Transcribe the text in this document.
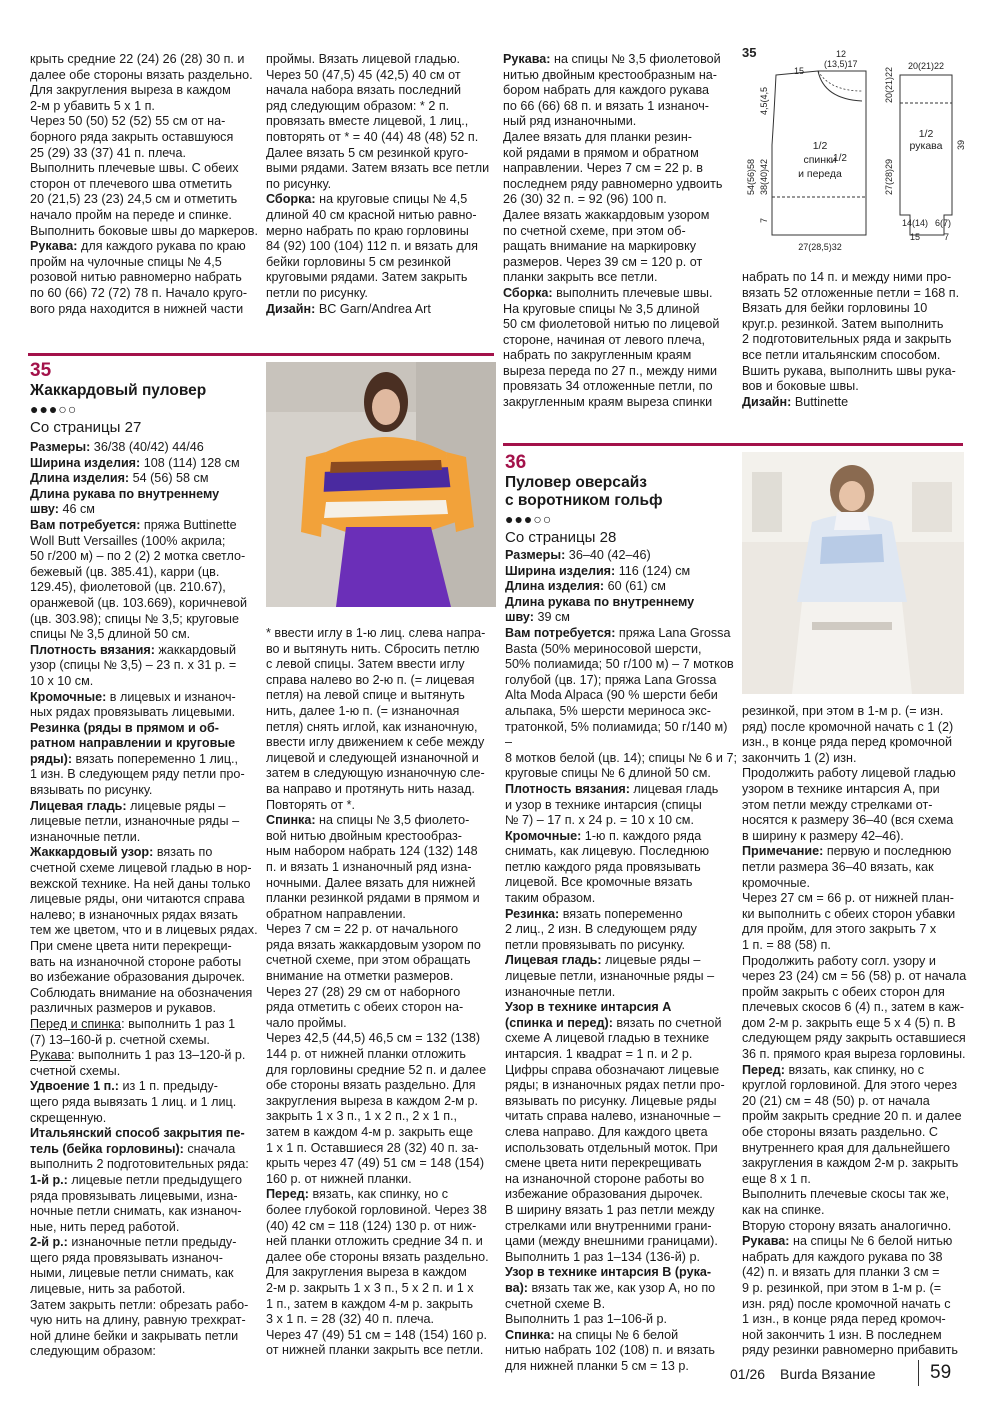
крыть средние 22 (24) 26 (28) 30 п. и

далее обе стороны вязать раздельно.

Для закругления выреза в каждом

2-м р убавить 5 х 1 п.

Через 50 (50) 52 (52) 55 см от на-

борного ряда закрыть оставшуюся

25 (29) 33 (37) 41 п. плеча.

Выполнить плечевые швы. С обеих

сторон от плечевого шва отметить

20 (21,5) 23 (23) 24,5 см и отметить

начало пройм на переде и спинке.

Выполнить боковые швы до маркеров.

Рукава: для каждого рукава по краю

пройм на чулочные спицы № 4,5

розовой нитью равномерно набрать

по 60 (66) 72 (72) 78 п. Начало круго-

вого ряда находится в нижней части

проймы. Вязать лицевой гладью.

Через 50 (47,5) 45 (42,5) 40 см от

начала набора вязать последний

ряд следующим образом: * 2 п.

провязать вместе лицевой, 1 лиц.,

повторять от * = 40 (44) 48 (48) 52 п.

Далее вязать 5 см резинкой кругo-

выми рядами. Затем вязать все петли

по рисунку.

Сборка: на круговые спицы № 4,5

длиной 40 см красной нитью равно-

мерно набрать по краю горловины

84 (92) 100 (104) 112 п. и вязать для

бейки горловины 5 см резинкой

круговыми рядами. Затем закрыть

петли по рисунку.

Дизайн: BC Garn/Andrea Art

Рукава: на спицы № 3,5 фиолетовой

нитью двойным крестообразным на-

бором набрать для каждого рукава

по 66 (66) 68 п. и вязать 1 изнаноч-

ный ряд изнаночными.

Далее вязать для планки резин-

кой рядами в прямом и обратном

направлении. Через 7 см = 22 р. в

последнем ряду равномерно удвоить

26 (30) 32 п. = 92 (96) 100 п.

Далее вязать жаккардовым узором

по счетной схеме, при этом об-

ращать внимание на маркировку

размеров. Через 39 см = 120 р. от

планки закрыть все петли.

Сборка: выполнить плечевые швы.

На круговые спицы № 3,5 длиной

50 см фиолетовой нитью по лицевой

стороне, начиная от левого плеча,

набрать по закругленным краям

выреза переда по 27 п., между ними

провязать 34 отложенные петли, по

закругленным краям выреза спинки

35	12
(13,5)17
15
1/2
1/2
спинки
и переда
27(28,5)32
54(56)58 38(40)42
4,5(4,5
7
20(21)22
1/2
рукава 39
20(21)22
27(28)29
14(14) 6(7)
15	7

набрать по 14 п. и между ними про-

вязать 52 отложенные петли = 168 п.

Вязать для бейки горловины 10

круг.р. резинкой. Затем выполнить

2 подготовительных ряда и закрыть

все петли итальянским способом.

Вшить рукава, выполнить швы рука-

вов и боковые швы.

Дизайн: Buttinette

35
Жаккардовый пуловер
●●●○○
Со страницы 27

Размеры: 36/38 (40/42) 44/46

Ширина изделия: 108 (114) 128 см

Длина изделия: 54 (56) 58 см

Длина рукава по внутреннему

шву: 46 см

Вам потребуется: пряжа Buttinette

Woll Butt Versailles (100% акрила;

50 г/200 м) – по 2 (2) 2 мотка светло-

бежевый (цв. 385.41), карри (цв.

129.45), фиолетовой (цв. 210.67),

оранжевой (цв. 103.669), коричневой

(цв. 303.98); спицы № 3,5; круговые

спицы № 3,5 длиной 50 см.

Плотность вязания: жаккардовый

узор (спицы № 3,5) – 23 п. х 31 р. =

10 х 10 см.

Кромочные: в лицевых и изнаноч-

ных рядах провязывать лицевыми.

Резинка (ряды в прямом и об-

ратном направлении и круговые

ряды): вязать попеременно 1 лиц.,

1 изн. В следующем ряду петли про-

вязывать по рисунку.

Лицевая гладь: лицевые ряды –

лицевые петли, изнаночные ряды –

изнаночные петли.

Жаккардовый узор: вязать по

счетной схеме лицевой гладью в нор-

вежской технике. На ней даны только

лицевые ряды, они читаются справа

налево; в изнаночных рядах вязать

тем же цветом, что и в лицевых рядах.

При смене цвета нити перекрещи-

вать на изнаночной стороне работы

во избежание образования дырочек.

Соблюдать внимание на обозначения

различных размеров и рукавов.

Перед и спинка: выполнить 1 раз 1

(7) 13–160-й р. счетной схемы.

Рукава: выполнить 1 раз 13–120-й р.

счетной схемы.

Удвоение 1 п.: из 1 п. предыду-

щего ряда вывязать 1 лиц. и 1 лиц.

скрещенную.

Итальянский способ закрытия пе-

тель (бейка горловины): сначала

выполнить 2 подготовительных ряда:

1-й р.: лицевые петли предыдущего

ряда провязывать лицевыми, изна-

ночные петли снимать, как изнаноч-

ные, нить перед работой.

2-й р.: изнаночные петли предыду-

щего ряда провязывать изнаноч-

ными, лицевые петли снимать, как

лицевые, нить за работой.

Затем закрыть петли: обрезать рабо-

чую нить на длину, равную трехкрат-

ной длине бейки и закрывать петли

следующим образом:

* ввести иглу в 1-ю лиц. слева напра-

во и вытянуть нить. Сбросить петлю

с левой спицы. Затем ввести иглу

справа налево во 2-ю п. (= лицевая

петля) на левой спице и вытянуть

нить, далее 1-ю п. (= изнаночная

петля) снять иглой, как изнаночную,

ввести иглу движением к себе между

лицевой и следующей изнаночной и

затем в следующую изнаночную сле-

ва направо и протянуть нить назад.

Повторять от *.

Спинка: на спицы № 3,5 фиолето-

вой нитью двойным крестообраз-

ным набором набрать 124 (132) 148

п. и вязать 1 изнаночный ряд изна-

ночными. Далее вязать для нижней

планки резинкой рядами в прямом и

обратном направлении.

Через 7 см = 22 р. от начального

ряда вязать жаккардовым узором по

счетной схеме, при этом обращать

внимание на отметки размеров.

Через 27 (28) 29 см от наборного

ряда отметить с обеих сторон на-

чало проймы.

Через 42,5 (44,5) 46,5 см = 132 (138)

144 р. от нижней планки отложить

для горловины средние 52 п. и далее

обе стороны вязать раздельно. Для

закругления выреза в каждом 2-м р.

закрыть 1 х 3 п., 1 х 2 п., 2 х 1 п.,

затем в каждом 4-м р. закрыть еще

1 х 1 п. Оставшиеся 28 (32) 40 п. за-

крыть через 47 (49) 51 см = 148 (154)

160 р. от нижней планки.

Перед: вязать, как спинку, но с

более глубокой горловиной. Через 38

(40) 42 см = 118 (124) 130 р. от ниж-

ней планки отложить средние 34 п. и

далее обе стороны вязать раздельно.

Для закругления выреза в каждом

2-м р. закрыть 1 х 3 п., 5 х 2 п. и 1 х

1 п., затем в каждом 4-м р. закрыть

3 х 1 п. = 28 (32) 40 п. плеча.

Через 47 (49) 51 см = 148 (154) 160 р.

от нижней планки закрыть все петли.

36
Пуловер оверсайз
с воротником гольф
●●●○○
Со страницы 28

Размеры: 36–40 (42–46)

Ширина изделия: 116 (124) см

Длина изделия: 60 (61) см

Длина рукава по внутреннему

шву: 39 см

Вам потребуется: пряжа Lana Grossa

Basta (50% мериносовой шерсти,

50% полиамида; 50 г/100 м) – 7 мотков

голубой (цв. 17); пряжа Lana Grossa

Alta Moda Alpaca (90 % шерсти беби

альпака, 5% шерсти мериноса экс-

тратонкой, 5% полиамида; 50 г/140 м) –

8 мотков белой (цв. 14); спицы № 6 и 7;

круговые спицы № 6 длиной 50 см.

Плотность вязания: лицевая гладь

и узор в технике интарсия (спицы

№ 7) – 17 п. х 24 р. = 10 х 10 см.

Кромочные: 1-ю п. каждого ряда

снимать, как лицевую. Последнюю

петлю каждого ряда провязывать

лицевой. Все кромочные вязать

таким образом.

Резинка: вязать попеременно

2 лиц., 2 изн. В следующем ряду

петли провязывать по рисунку.

Лицевая гладь: лицевые ряды –

лицевые петли, изнаночные ряды –

изнаночные петли.

Узор в технике интарсия А

(спинка и перед): вязать по счетной

схеме А лицевой гладью в технике

интарсия. 1 квадрат = 1 п. и 2 р.

Цифры справа обозначают лицевые

ряды; в изнаночных рядах петли про-

вязывать по рисунку. Лицевые ряды

читать справа налево, изнаночные –

слева направо. Для каждого цвета

использовать отдельный моток. При

смене цвета нити перекрещивать

на изнаночной стороне работы во

избежание образования дырочек.

В ширину вязать 1 раз петли между

стрелками или внутренними грани-

цами (между внешними границами).

Выполнить 1 раз 1–134 (136-й) р.

Узор в технике интарсия В (рука-

ва): вязать так же, как узор А, но по

счетной схеме В.

Выполнить 1 раз 1–106-й р.

Спинка: на спицы № 6 белой

нитью набрать 102 (108) п. и вязать

для нижней планки 5 см = 13 р.

резинкой, при этом в 1-м р. (= изн.

ряд) после кромочной начать с 1 (2)

изн., в конце ряда перед кромочной

закончить 1 (2) изн.

Продолжить работу лицевой гладью

узором в технике интарсия А, при

этом петли между стрелками от-

носятся к размеру 36–40 (вся схема

в ширину к размеру 42–46).

Примечание: первую и последнюю

петли размера 36–40 вязать, как

кромочные.

Через 27 см = 66 р. от нижней план-

ки выполнить с обеих сторон убавки

для пройм, для этого закрыть 7 х

1 п. = 88 (58) п.

Продолжить работу согл. узору и

через 23 (24) см = 56 (58) р. от начала

пройм закрыть с обеих сторон для

плечевых скосов 6 (4) п., затем в каж-

дом 2-м р. закрыть еще 5 х 4 (5) п. В

следующем ряду закрыть оставшиеся

36 п. прямого края выреза горловины.

Перед: вязать, как спинку, но с

круглой горловиной. Для этого через

20 (21) см = 48 (50) р. от начала

пройм закрыть средние 20 п. и далее

обе стороны вязать раздельно. С

внутреннего края для дальнейшего

закругления в каждом 2-м р. закрыть

еще 8 х 1 п.

Выполнить плечевые скосы так же,

как на спинке.

Вторую сторону вязать аналогично.

Рукава: на спицы № 6 белой нитью

набрать для каждого рукава по 38

(42) п. и вязать для планки 3 см =

9 р. резинкой, при этом в 1-м р. (=

изн. ряд) после кромочной начать с

1 изн., в конце ряда перед кромоч-

ной закончить 1 изн. В последнем

ряду резинки равномерно прибавить

01/26 Burda Вязание	59
